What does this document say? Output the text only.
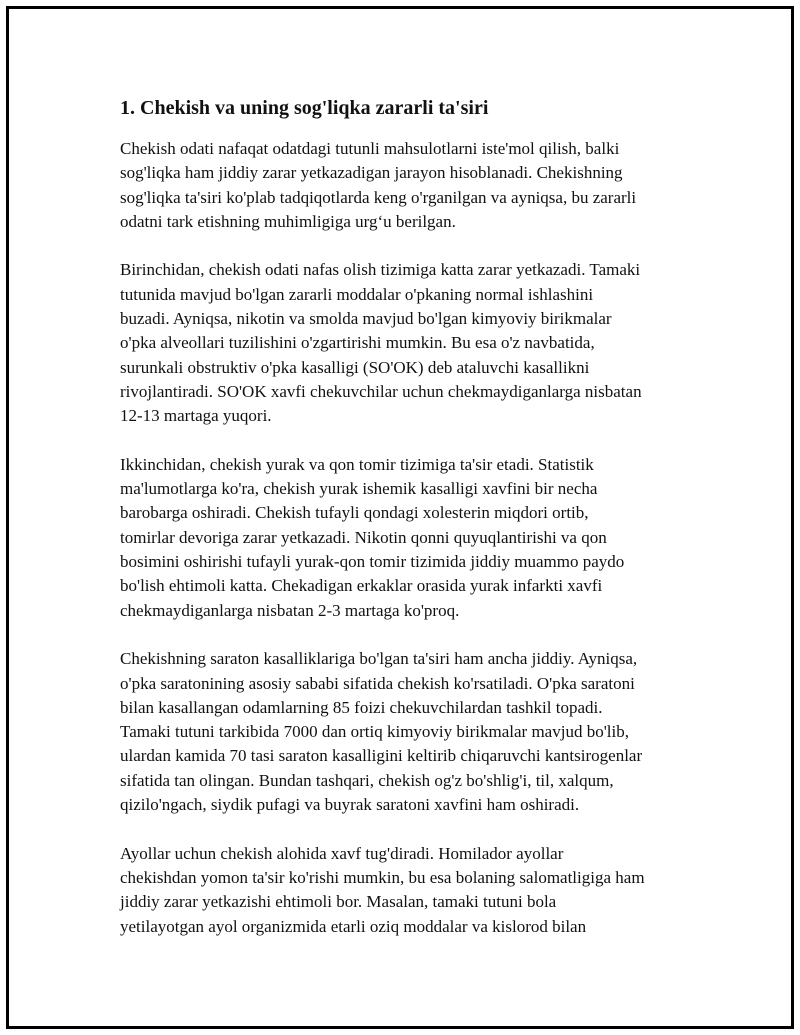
1. Chekish va uning sog'liqka zararli ta'siri

Chekish odati nafaqat odatdagi tutunli mahsulotlarni iste'mol qilish, balki
sog'liqka ham jiddiy zarar yetkazadigan jarayon hisoblanadi. Chekishning
sog'liqka ta'siri ko'plab tadqiqotlarda keng o'rganilgan va ayniqsa, bu zararli
odatni tark etishning muhimligiga urg‘u berilgan.

Birinchidan, chekish odati nafas olish tizimiga katta zarar yetkazadi. Tamaki
tutunida mavjud bo'lgan zararli moddalar o'pkaning normal ishlashini
buzadi. Ayniqsa, nikotin va smolda mavjud bo'lgan kimyoviy birikmalar
o'pka alveollari tuzilishini o'zgartirishi mumkin. Bu esa o'z navbatida,
surunkali obstruktiv o'pka kasalligi (SO'OK) deb ataluvchi kasallikni
rivojlantiradi. SO'OK xavfi chekuvchilar uchun chekmaydiganlarga nisbatan
12-13 martaga yuqori.

Ikkinchidan, chekish yurak va qon tomir tizimiga ta'sir etadi. Statistik
ma'lumotlarga ko'ra, chekish yurak ishemik kasalligi xavfini bir necha
barobarga oshiradi. Chekish tufayli qondagi xolesterin miqdori ortib,
tomirlar devoriga zarar yetkazadi. Nikotin qonni quyuqlantirishi va qon
bosimini oshirishi tufayli yurak-qon tomir tizimida jiddiy muammo paydo
bo'lish ehtimoli katta. Chekadigan erkaklar orasida yurak infarkti xavfi
chekmaydiganlarga nisbatan 2-3 martaga ko'proq.

Chekishning saraton kasalliklariga bo'lgan ta'siri ham ancha jiddiy. Ayniqsa,
o'pka saratonining asosiy sababi sifatida chekish ko'rsatiladi. O'pka saratoni
bilan kasallangan odamlarning 85 foizi chekuvchilardan tashkil topadi.
Tamaki tutuni tarkibida 7000 dan ortiq kimyoviy birikmalar mavjud bo'lib,
ulardan kamida 70 tasi saraton kasalligini keltirib chiqaruvchi kantsirogenlar
sifatida tan olingan. Bundan tashqari, chekish og'z bo'shlig'i, til, xalqum,
qizilo'ngach, siydik pufagi va buyrak saratoni xavfini ham oshiradi.

Ayollar uchun chekish alohida xavf tug'diradi. Homilador ayollar
chekishdan yomon ta'sir ko'rishi mumkin, bu esa bolaning salomatligiga ham
jiddiy zarar yetkazishi ehtimoli bor. Masalan, tamaki tutuni bola
yetilayotgan ayol organizmida etarli oziq moddalar va kislorod bilan
